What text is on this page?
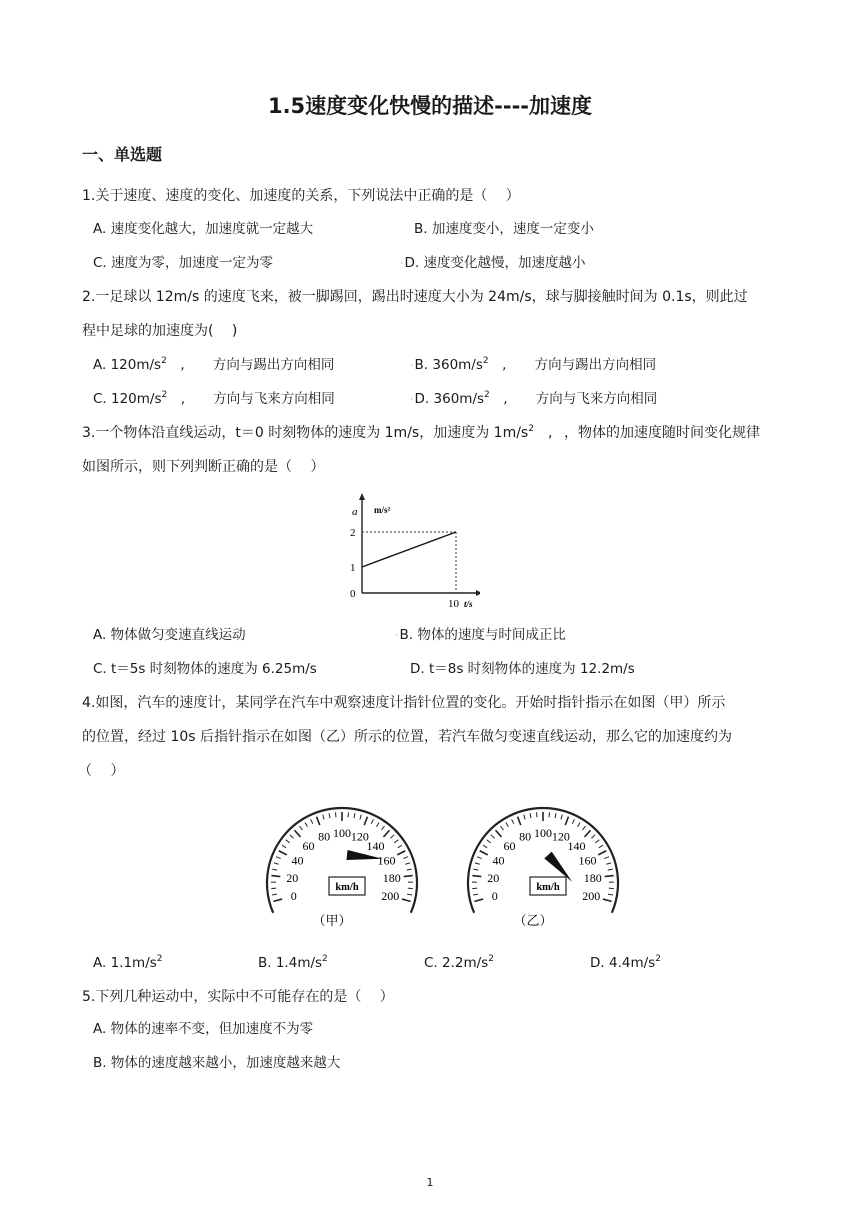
1.5速度变化快慢的描述----加速度
一、单选题
1.关于速度、速度的变化、加速度的关系，下列说法中正确的是（　 ）
A. 速度变化越大，加速度就一定越大	B. 加速度变小，速度一定变小
C. 速度为零，加速度一定为零	◦D. 速度变化越慢，加速度越小
2.一足球以 12m/s 的速度飞来，被一脚踢回，踢出时速度大小为 24m/s，球与脚接触时间为 0.1s，则此过
程中足球的加速度为(　 )
A. $120m/s^2$　, 方向与踢出方向相同	◦B. $360m/s^2$　, 方向与踢出方向相同
C. $120m/s^2$　, 方向与飞来方向相同	◦D. $360m/s^2$　, 方向与飞来方向相同
3.一个物体沿直线运动，t＝0 时刻物体的速度为 1m/s，加速度为 $1m/s^2$　, ，物体的加速度随时间变化规律
如图所示，则下列判断正确的是（　 ）
a m/s²
0
1
2
10 t/s
A. 物体做匀变速直线运动	◦B. 物体的速度与时间成正比
C. t＝5s 时刻物体的速度为 6.25m/s	D. t＝8s 时刻物体的速度为 12.2m/s
4.如图，汽车的速度计，某同学在汽车中观察速度计指针位置的变化。开始时指针指示在如图（甲）所示
的位置，经过 10s 后指针指示在如图（乙）所示的位置，若汽车做匀变速直线运动，那么它的加速度约为
（　 ）
0
20
40
60
80 100 120
140
160
180
200
km/h
0
20
40
60
80 100 120
140
160
180
200
km/h
（甲）	（乙）
A. $1.1m/s^2$	B. $1.4m/s^2$	C. $2.2m/s^2$	D. $4.4m/s^2$
5.下列几种运动中，实际中不可能存在的是（　 ）
A. 物体的速率不变，但加速度不为零
B. 物体的速度越来越小，加速度越来越大
1
